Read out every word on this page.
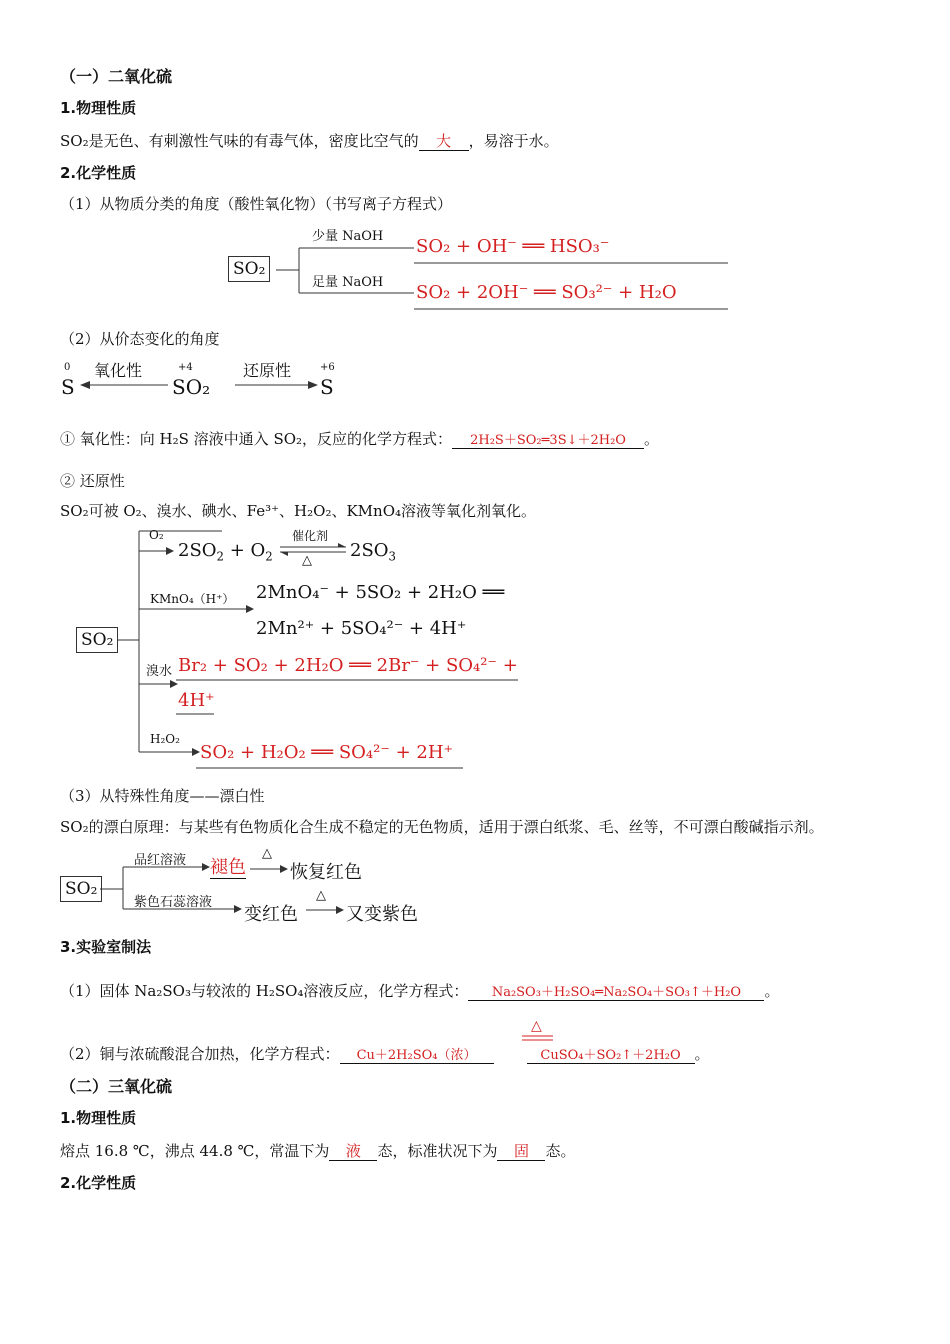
（一）二氧化硫
1.物理性质
SO₂是无色、有刺激性气味的有毒气体，密度比空气的 大 ，易溶于水。
2.化学性质
（1）从物质分类的角度（酸性氧化物）（书写离子方程式）
SO₂
少量 NaOH
足量 NaOH
SO₂ + OH⁻ ══ HSO₃⁻
SO₂ + 2OH⁻ ══ SO₃²⁻ + H₂O
（2）从价态变化的角度
0
S
氧化性	+4
SO₂
还原性	+6
S
① 氧化性：向 H₂S 溶液中通入 SO₂，反应的化学方程式： 2H₂S＋SO₂═3S↓＋2H₂O 。
② 还原性
SO₂可被 O₂、溴水、碘水、Fe³⁺、H₂O₂、KMnO₄溶液等氧化剂氧化。
SO₂
O₂
$2SO_2 + O_2$
催化剂
△ $2SO_3$
KMnO₄（H⁺） 2MnO₄⁻ + 5SO₂ + 2H₂O ══
2Mn²⁺ + 5SO₄²⁻ + 4H⁺
溴水 Br₂ + SO₂ + 2H₂O ══ 2Br⁻ + SO₄²⁻ +
4H⁺
H₂O₂
SO₂ + H₂O₂ ══ SO₄²⁻ + 2H⁺
（3）从特殊性角度——漂白性
SO₂的漂白原理：与某些有色物质化合生成不稳定的无色物质，适用于漂白纸浆、毛、丝等，不可漂白酸碱指示剂。
SO₂
品红溶液 褪色
△
恢复红色
紫色石蕊溶液
变红色
△
又变紫色
3.实验室制法
（1）固体 Na₂SO₃与较浓的 H₂SO₄溶液反应，化学方程式： Na₂SO₃＋H₂SO₄═Na₂SO₄＋SO₃↑＋H₂O 。
△
（2）铜与浓硫酸混合加热，化学方程式： Cu＋2H₂SO₄（浓）	CuSO₄＋SO₂↑＋2H₂O 。
（二）三氧化硫
1.物理性质
熔点 16.8 ℃，沸点 44.8 ℃，常温下为 液 态，标准状况下为 固 态。
2.化学性质
